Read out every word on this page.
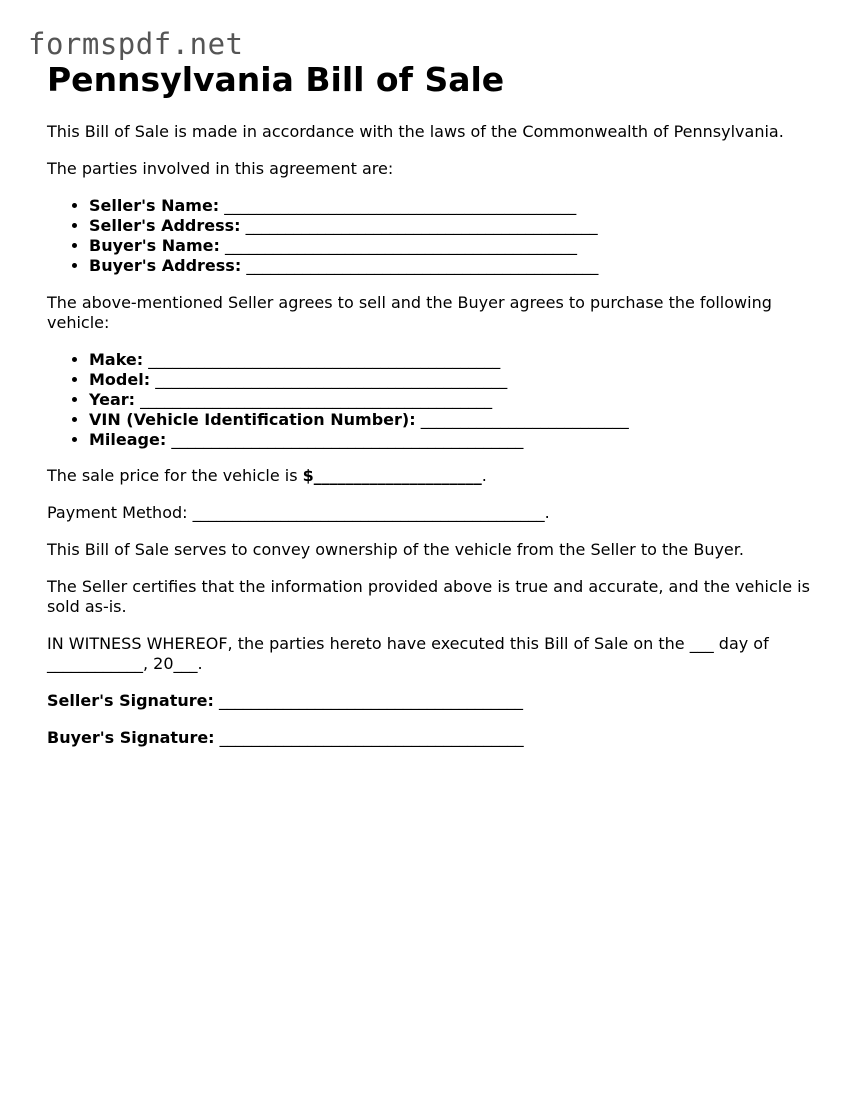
formspdf.net
Pennsylvania Bill of Sale

This Bill of Sale is made in accordance with the laws of the Commonwealth of Pennsylvania.

The parties involved in this agreement are:

• Seller's Name: ____________________________________________
• Seller's Address: ____________________________________________
• Buyer's Name: ____________________________________________
• Buyer's Address: ____________________________________________

The above-mentioned Seller agrees to sell and the Buyer agrees to purchase the following vehicle:

• Make: ____________________________________________
• Model: ____________________________________________
• Year: ____________________________________________
• VIN (Vehicle Identification Number): __________________________
• Mileage: ____________________________________________

The sale price for the vehicle is $_____________________.

Payment Method: ____________________________________________.

This Bill of Sale serves to convey ownership of the vehicle from the Seller to the Buyer.

The Seller certifies that the information provided above is true and accurate, and the vehicle is sold as-is.

IN WITNESS WHEREOF, the parties hereto have executed this Bill of Sale on the ___ day of ____________, 20___.

Seller's Signature: ______________________________________

Buyer's Signature: ______________________________________
